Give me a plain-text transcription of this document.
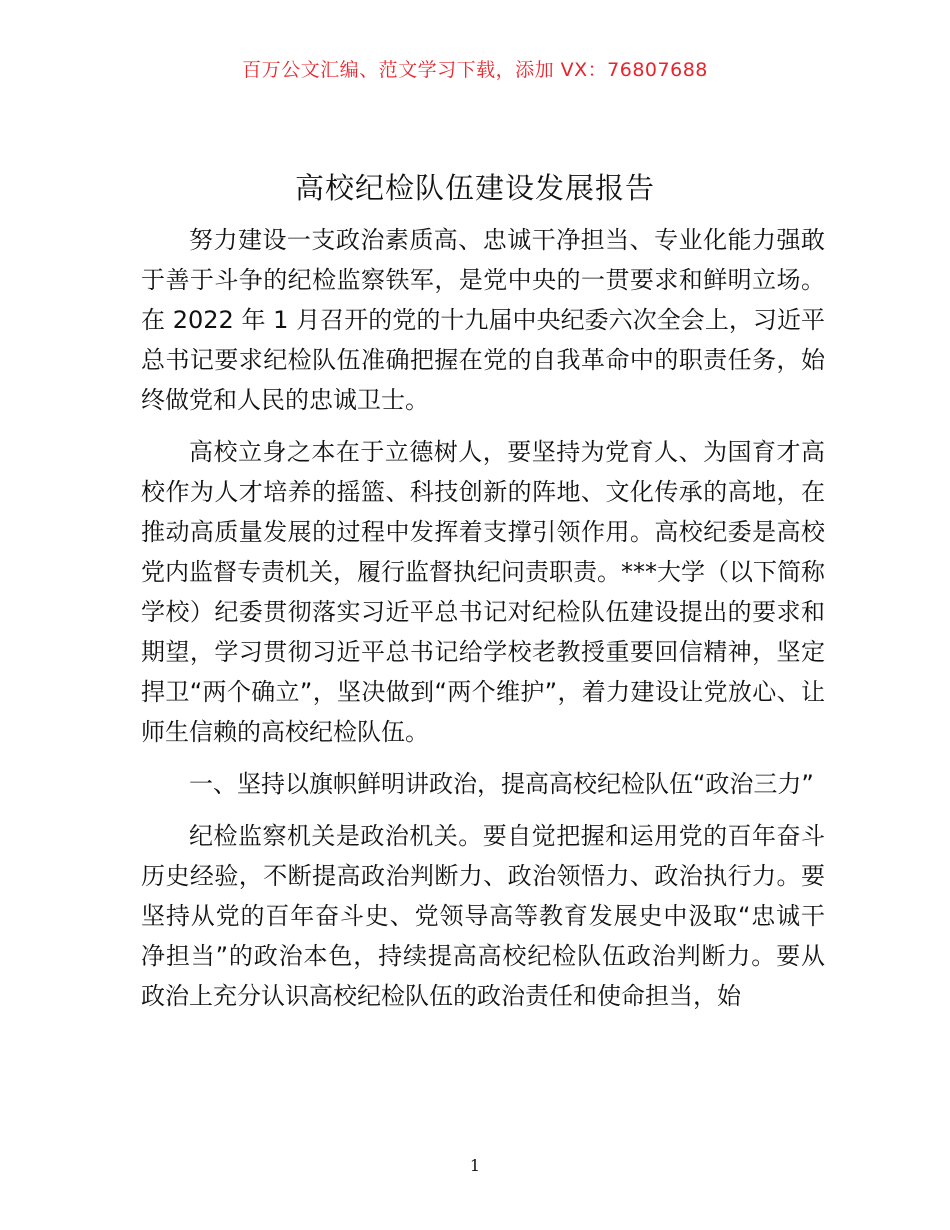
百万公文汇编、范文学习下载，添加 VX：76807688
高校纪检队伍建设发展报告

努力建设一支政治素质高、忠诚干净担当、专业化能力强敢于善于斗争的纪检监察铁军，是党中央的一贯要求和鲜明立场。在 2022 年 1 月召开的党的十九届中央纪委六次全会上，习近平总书记要求纪检队伍准确把握在党的自我革命中的职责任务，始终做党和人民的忠诚卫士。

高校立身之本在于立德树人，要坚持为党育人、为国育才高校作为人才培养的摇篮、科技创新的阵地、文化传承的高地，在推动高质量发展的过程中发挥着支撑引领作用。高校纪委是高校党内监督专责机关，履行监督执纪问责职责。***大学（以下简称学校）纪委贯彻落实习近平总书记对纪检队伍建设提出的要求和期望，学习贯彻习近平总书记给学校老教授重要回信精神，坚定捍卫“两个确立”，坚决做到“两个维护”，着力建设让党放心、让师生信赖的高校纪检队伍。

一、坚持以旗帜鲜明讲政治，提高高校纪检队伍“政治三力”

纪检监察机关是政治机关。要自觉把握和运用党的百年奋斗历史经验，不断提高政治判断力、政治领悟力、政治执行力。要坚持从党的百年奋斗史、党领导高等教育发展史中汲取“忠诚干净担当”的政治本色，持续提高高校纪检队伍政治判断力。要从政治上充分认识高校纪检队伍的政治责任和使命担当，始

1
